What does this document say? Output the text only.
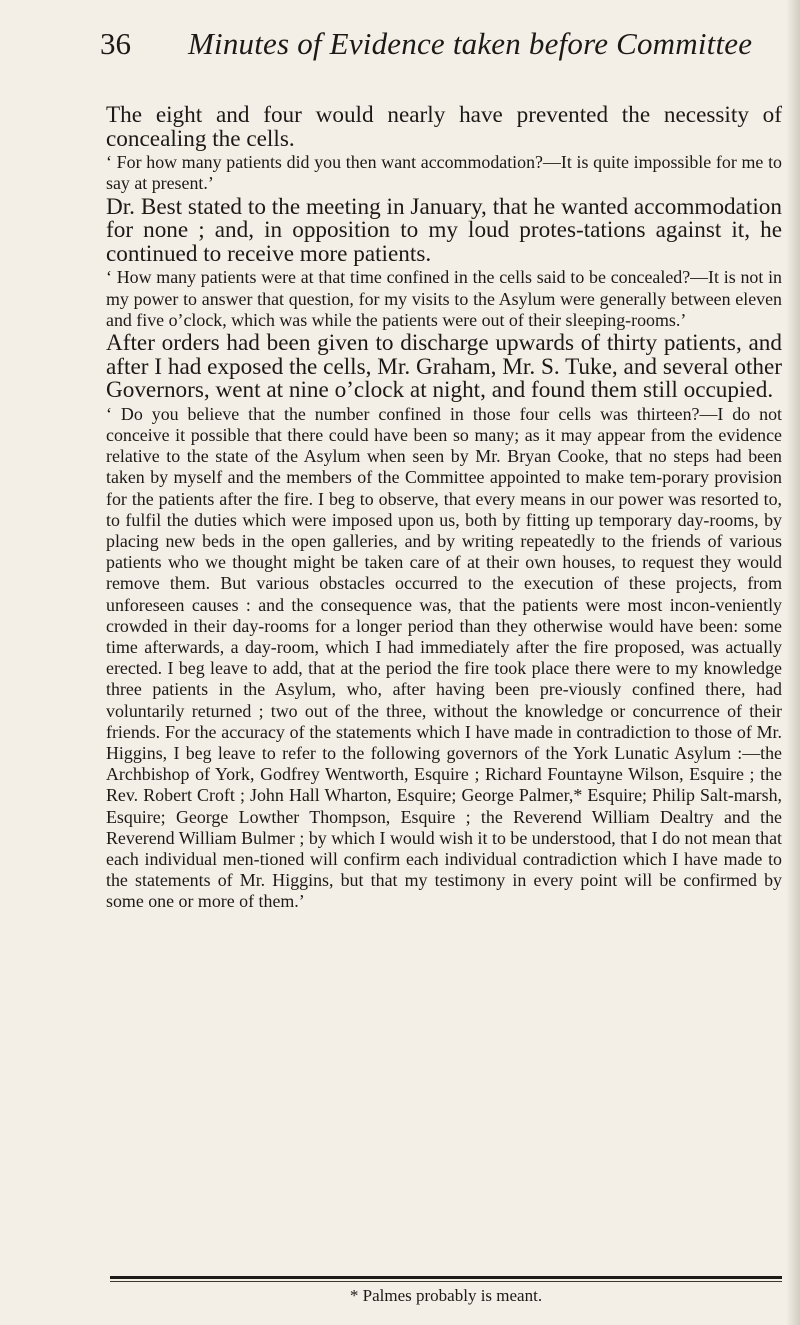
36 Minutes of Evidence taken before Committee

The eight and four would nearly have prevented the necessity of concealing the cells.

‘ For how many patients did you then want accommodation?—It is quite impossible for me to say at present.’

Dr. Best stated to the meeting in January, that he wanted accommodation for none ; and, in opposition to my loud protes-tations against it, he continued to receive more patients.

‘ How many patients were at that time confined in the cells said to be concealed?—It is not in my power to answer that question, for my visits to the Asylum were generally between eleven and five o’clock, which was while the patients were out of their sleeping-rooms.’

After orders had been given to discharge upwards of thirty patients, and after I had exposed the cells, Mr. Graham, Mr. S. Tuke, and several other Governors, went at nine o’clock at night, and found them still occupied.

‘ Do you believe that the number confined in those four cells was thirteen?—I do not conceive it possible that there could have been so many; as it may appear from the evidence relative to the state of the Asylum when seen by Mr. Bryan Cooke, that no steps had been taken by myself and the members of the Committee appointed to make tem-porary provision for the patients after the fire. I beg to observe, that every means in our power was resorted to, to fulfil the duties which were imposed upon us, both by fitting up temporary day-rooms, by placing new beds in the open galleries, and by writing repeatedly to the friends of various patients who we thought might be taken care of at their own houses, to request they would remove them. But various obstacles occurred to the execution of these projects, from unforeseen causes : and the consequence was, that the patients were most incon-veniently crowded in their day-rooms for a longer period than they otherwise would have been: some time afterwards, a day-room, which I had immediately after the fire proposed, was actually erected. I beg leave to add, that at the period the fire took place there were to my knowledge three patients in the Asylum, who, after having been pre-viously confined there, had voluntarily returned ; two out of the three, without the knowledge or concurrence of their friends. For the accuracy of the statements which I have made in contradiction to those of Mr. Higgins, I beg leave to refer to the following governors of the York Lunatic Asylum :—the Archbishop of York, Godfrey Wentworth, Esquire ; Richard Fountayne Wilson, Esquire ; the Rev. Robert Croft ; John Hall Wharton, Esquire; George Palmer,* Esquire; Philip Salt-marsh, Esquire; George Lowther Thompson, Esquire ; the Reverend William Dealtry and the Reverend William Bulmer ; by which I would wish it to be understood, that I do not mean that each individual men-tioned will confirm each individual contradiction which I have made to the statements of Mr. Higgins, but that my testimony in every point will be confirmed by some one or more of them.’

* Palmes probably is meant.
